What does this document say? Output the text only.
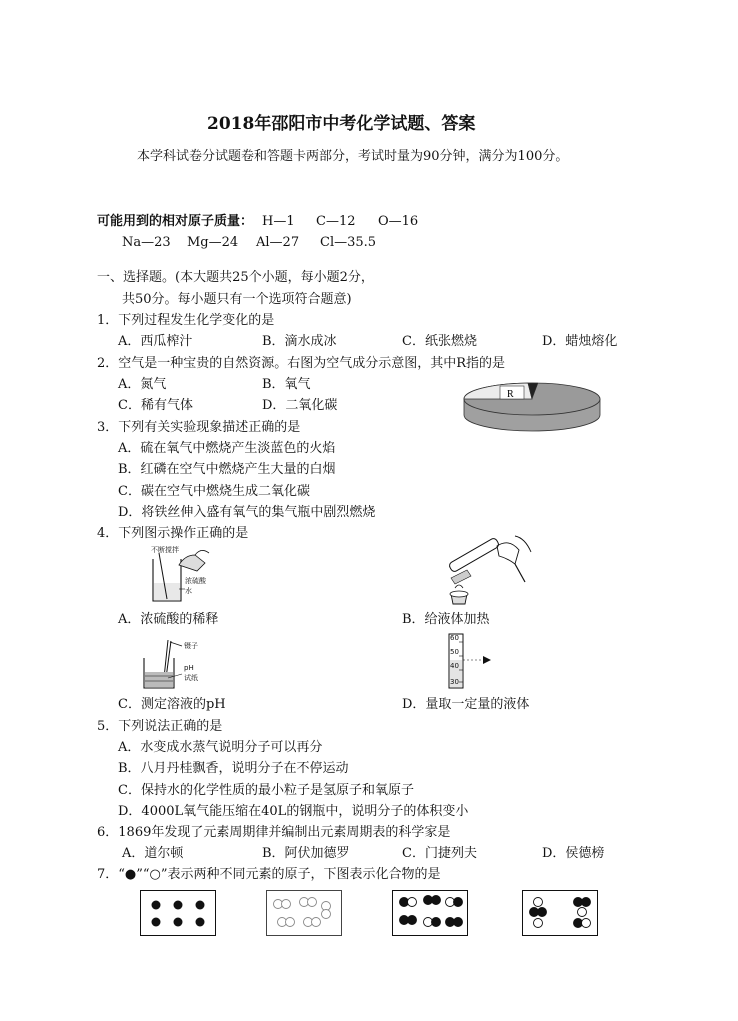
2018年邵阳市中考化学试题、答案
本学科试卷分试题卷和答题卡两部分，考试时量为90分钟，满分为100分。
可能用到的相对原子质量： H—1 C—12 O—16
Na—23 Mg—24 Al—27 Cl—35.5
一、选择题。(本大题共25个小题，每小题2分，
共50分。每小题只有一个选项符合题意)
1．下列过程发生化学变化的是
A．西瓜榨汁	B．滴水成冰	C．纸张燃烧	D．蜡烛熔化
2．空气是一种宝贵的自然资源。右图为空气成分示意图，其中R指的是
A．氮气	B．氧气
C．稀有气体	D．二氧化碳
R
3．下列有关实验现象描述正确的是
A．硫在氧气中燃烧产生淡蓝色的火焰
B．红磷在空气中燃烧产生大量的白烟
C．碳在空气中燃烧生成二氧化碳
D．将铁丝伸入盛有氧气的集气瓶中剧烈燃烧
4．下列图示操作正确的是
不断搅拌
浓硫酸
水
A．浓硫酸的稀释	B．给液体加热
镊子
pH
试纸
C．测定溶液的pH
60
50
40
30
D．量取一定量的液体
5．下列说法正确的是
A．水变成水蒸气说明分子可以再分
B．八月丹桂飘香，说明分子在不停运动
C．保持水的化学性质的最小粒子是氢原子和氧原子
D．4000L氧气能压缩在40L的钢瓶中，说明分子的体积变小
6．1869年发现了元素周期律并编制出元素周期表的科学家是
A．道尔顿	B．阿伏加德罗	C．门捷列夫	D．侯德榜
7．“●”“○”表示两种不同元素的原子，下图表示化合物的是
